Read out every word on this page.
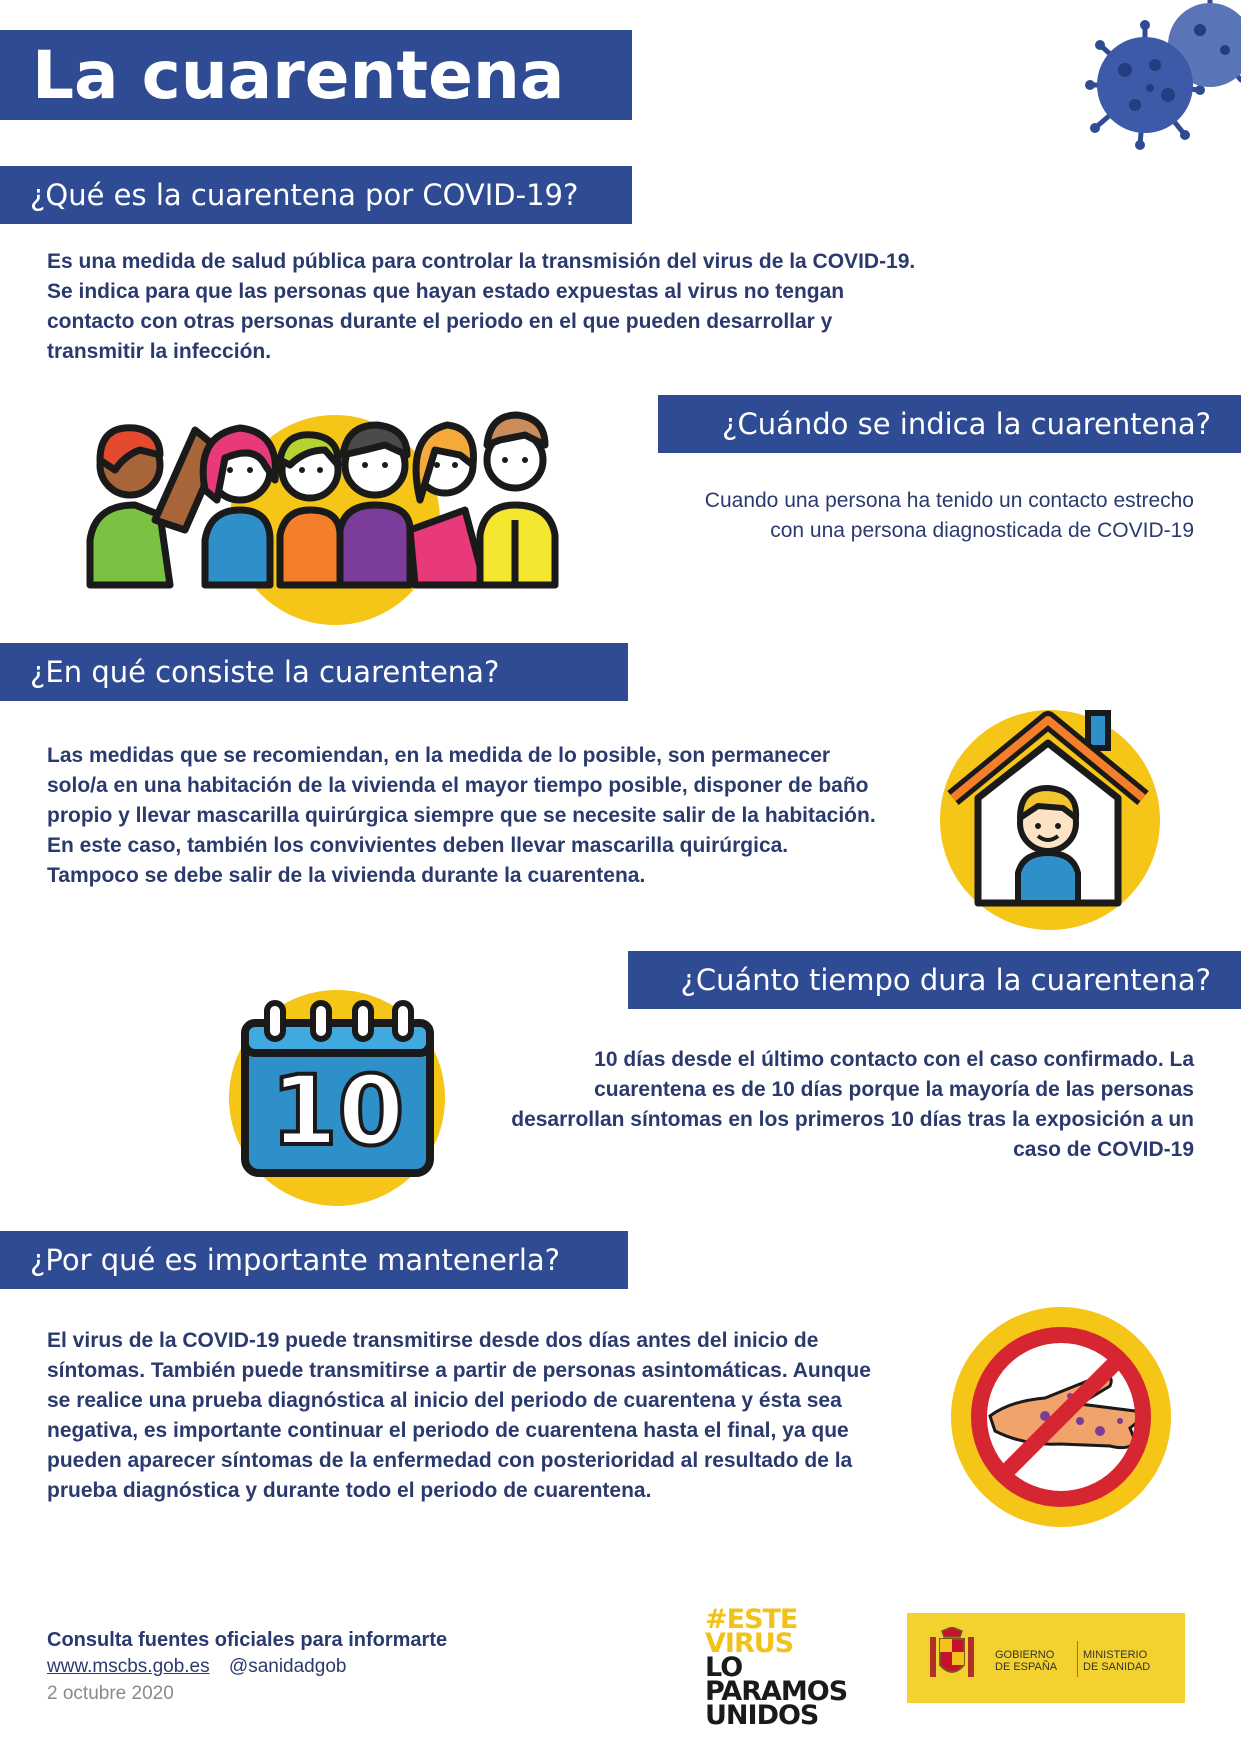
La cuarentena
¿Qué es la cuarentena por COVID-19?
Es una medida de salud pública para controlar la transmisión del virus de la COVID-19.
Se indica para que las personas que hayan estado expuestas al virus no tengan
contacto con otras personas durante el periodo en el que pueden desarrollar y
transmitir la infección.
¿Cuándo se indica la cuarentena?
Cuando una persona ha tenido un contacto estrecho
con una persona diagnosticada de COVID-19
¿En qué consiste la cuarentena?
Las medidas que se recomiendan, en la medida de lo posible, son permanecer
solo/a en una habitación de la vivienda el mayor tiempo posible, disponer de baño
propio y llevar mascarilla quirúrgica siempre que se necesite salir de la habitación.
En este caso, también los convivientes deben llevar mascarilla quirúrgica.
Tampoco se debe salir de la vivienda durante la cuarentena.
¿Cuánto tiempo dura la cuarentena?
10 días desde el último contacto con el caso confirmado. La
cuarentena es de 10 días porque la mayoría de las personas
desarrollan síntomas en los primeros 10 días tras la exposición a un
caso de COVID-19
10
¿Por qué es importante mantenerla?
El virus de la COVID-19 puede transmitirse desde dos días antes del inicio de
síntomas. También puede transmitirse a partir de personas asintomáticas. Aunque
se realice una prueba diagnóstica al inicio del periodo de cuarentena y ésta sea
negativa, es importante continuar el periodo de cuarentena hasta el final, ya que
pueden aparecer síntomas de la enfermedad con posterioridad al resultado de la
prueba diagnóstica y durante todo el periodo de cuarentena.
Consulta fuentes oficiales para informarte
www.mscbs.gob.es @sanidadgob
2 octubre 2020
#ESTE
VIRUS
LO
PARAMOS
UNIDOS
GOBIERNO
DE ESPAÑA
MINISTERIO
DE SANIDAD
